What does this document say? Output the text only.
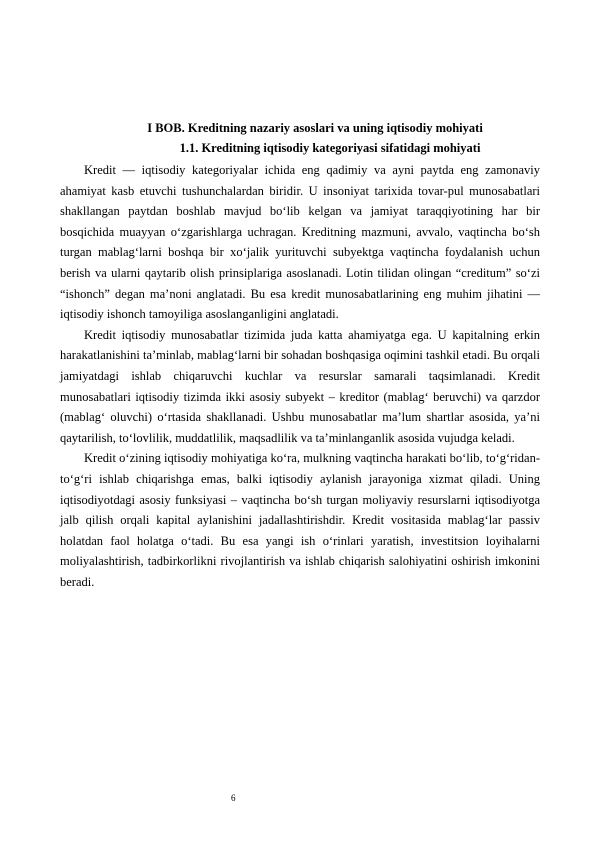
I BOB. Kreditning nazariy asoslari va uning iqtisodiy mohiyati

1.1. Kreditning iqtisodiy kategoriyasi sifatidagi mohiyati

Kredit — iqtisodiy kategoriyalar ichida eng qadimiy va ayni paytda eng zamonaviy ahamiyat kasb etuvchi tushunchalardan biridir. U insoniyat tarixida tovar-pul munosabatlari shakllangan paytdan boshlab mavjud bo‘lib kelgan va jamiyat taraqqiyotining har bir bosqichida muayyan o‘zgarishlarga uchragan. Kreditning mazmuni, avvalo, vaqtincha bo‘sh turgan mablag‘larni boshqa bir xo‘jalik yurituvchi subyektga vaqtincha foydalanish uchun berish va ularni qaytarib olish prinsiplariga asoslanadi. Lotin tilidan olingan “creditum” so‘zi “ishonch” degan ma’noni anglatadi. Bu esa kredit munosabatlarining eng muhim jihatini — iqtisodiy ishonch tamoyiliga asoslanganligini anglatadi.

Kredit iqtisodiy munosabatlar tizimida juda katta ahamiyatga ega. U kapitalning erkin harakatlanishini ta’minlab, mablag‘larni bir sohadan boshqasiga oqimini tashkil etadi. Bu orqali jamiyatdagi ishlab chiqaruvchi kuchlar va resurslar samarali taqsimlanadi. Kredit munosabatlari iqtisodiy tizimda ikki asosiy subyekt – kreditor (mablag‘ beruvchi) va qarzdor (mablag‘ oluvchi) o‘rtasida shakllanadi. Ushbu munosabatlar ma’lum shartlar asosida, ya’ni qaytarilish, to‘lovlilik, muddatlilik, maqsadlilik va ta’minlanganlik asosida vujudga keladi.

Kredit o‘zining iqtisodiy mohiyatiga ko‘ra, mulkning vaqtincha harakati bo‘lib, to‘g‘ridan-to‘g‘ri ishlab chiqarishga emas, balki iqtisodiy aylanish jarayoniga xizmat qiladi. Uning iqtisodiyotdagi asosiy funksiyasi – vaqtincha bo‘sh turgan moliyaviy resurslarni iqtisodiyotga jalb qilish orqali kapital aylanishini jadallashtirishdir. Kredit vositasida mablag‘lar passiv holatdan faol holatga o‘tadi. Bu esa yangi ish o‘rinlari yaratish, investitsion loyihalarni moliyalashtirish, tadbirkorlikni rivojlantirish va ishlab chiqarish salohiyatini oshirish imkonini beradi.

6
